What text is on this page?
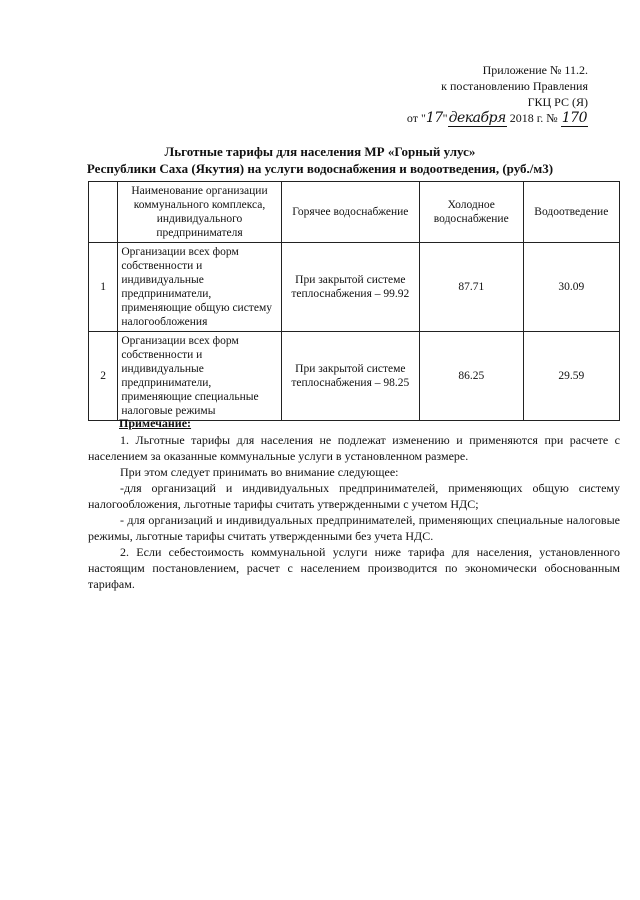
Приложение № 11.2.
к постановлению Правления
ГКЦ РС (Я)
от "17"декабря 2018 г. № 170
Льготные тарифы для населения МР «Горный улус»
Республики Саха (Якутия) на услуги водоснабжения и водоотведения, (руб./м3)
	Наименование организации коммунального комплекса, индивидуального предпринимателя	Горячее водоснабжение	Холодное водоснабжение	Водоотведение
1	Организации всех форм собственности и индивидуальные предприниматели, применяющие общую систему налогообложения	При закрытой системе теплоснабжения – 99.92	87.71	30.09
2	Организации всех форм собственности и индивидуальные предприниматели, применяющие специальные налоговые режимы	При закрытой системе теплоснабжения – 98.25	86.25	29.59
Примечание:

1. Льготные тарифы для населения не подлежат изменению и применяются при расчете с населением за оказанные коммунальные услуги в установленном размере.

При этом следует принимать во внимание следующее:

-для организаций и индивидуальных предпринимателей, применяющих общую систему налогообложения, льготные тарифы считать утвержденными с учетом НДС;

- для организаций и индивидуальных предпринимателей, применяющих специальные налоговые режимы, льготные тарифы считать утвержденными без учета НДС.

2. Если себестоимость коммунальной услуги ниже тарифа для населения, установленного настоящим постановлением, расчет с населением производится по экономически обоснованным тарифам.
